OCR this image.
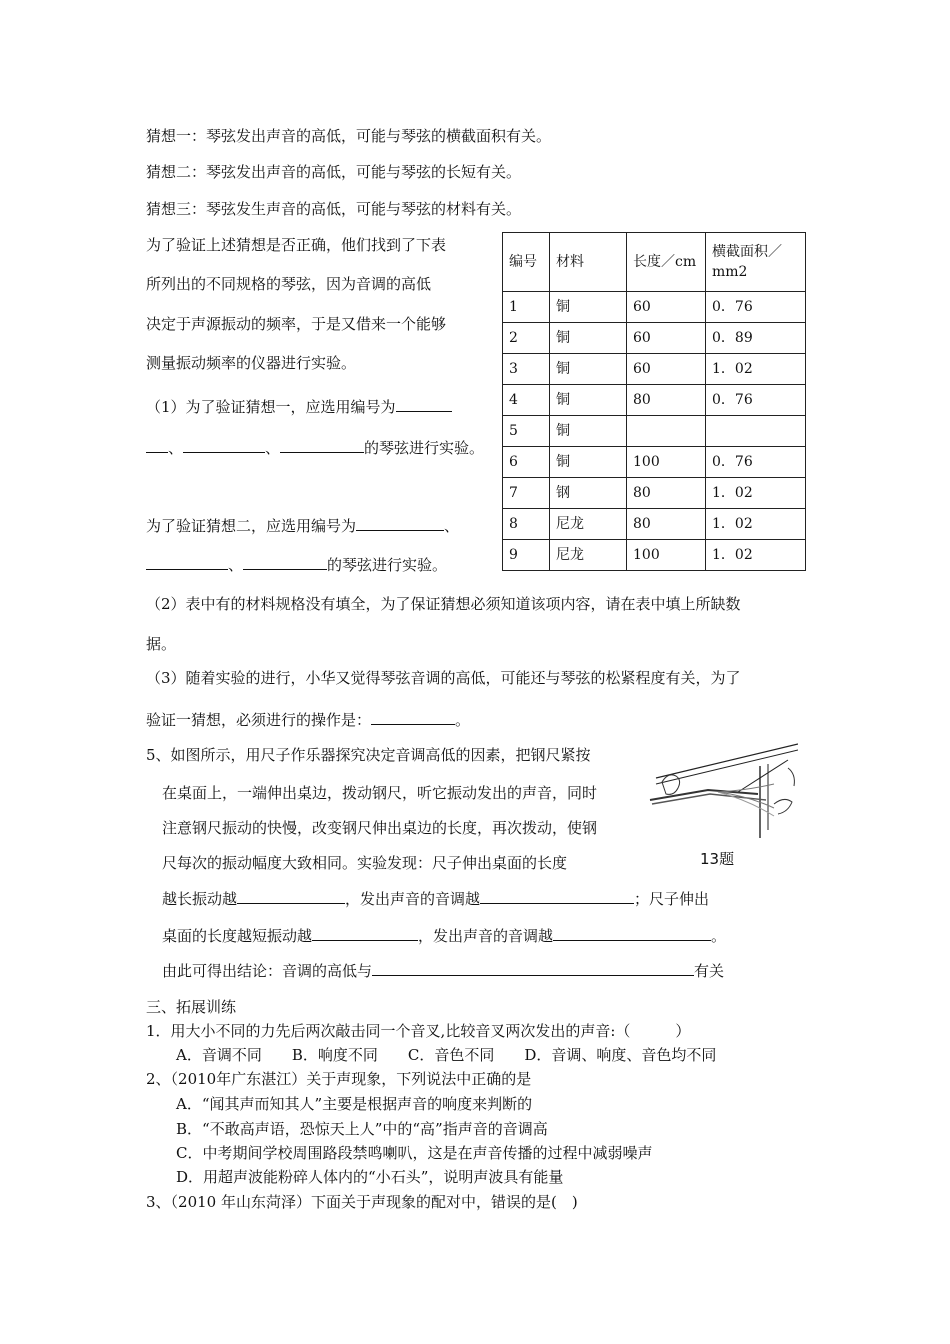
猜想一：琴弦发出声音的高低，可能与琴弦的横截面积有关。
猜想二：琴弦发出声音的高低，可能与琴弦的长短有关。
猜想三：琴弦发生声音的高低，可能与琴弦的材料有关。
为了验证上述猜想是否正确，他们找到了下表
所列出的不同规格的琴弦，因为音调的高低
决定于声源振动的频率，于是又借来一个能够
测量振动频率的仪器进行实验。
（1）为了验证猜想一，应选用编号为
、	、	的琴弦进行实验。
为了验证猜想二，应选用编号为	、
、	的琴弦进行实验。
编号	材料	长度／cm	横截面积／mm2
1	铜	60	0．76
2	铜	60	0．89
3	铜	60	1．02
4	铜	80	0．76
5	铜		
6	铜	100	0．76
7	钢	80	1．02
8	尼龙	80	1．02
9	尼龙	100	1．02
（2）表中有的材料规格没有填全，为了保证猜想必须知道该项内容，请在表中填上所缺数
据。
（3）随着实验的进行，小华又觉得琴弦音调的高低，可能还与琴弦的松紧程度有关，为了
验证一猜想，必须进行的操作是：	。
5、如图所示，用尺子作乐器探究决定音调高低的因素，把钢尺紧按
在桌面上，一端伸出桌边，拨动钢尺，听它振动发出的声音，同时
注意钢尺振动的快慢，改变钢尺伸出桌边的长度，再次拨动，使钢
尺每次的振动幅度大致相同。实验发现：尺子伸出桌面的长度
越长振动越	，发出声音的音调越	；尺子伸出
桌面的长度越短振动越	，发出声音的音调越	。
由此可得出结论：音调的高低与	有关
13题
三、拓展训练
1．用大小不同的力先后两次敲击同一个音叉,比较音叉两次发出的声音:（　　　）
A．音调不同　　B．响度不同　　C．音色不同　　D．音调、响度、音色均不同
2、（2010年广东湛江）关于声现象，下列说法中正确的是
A．“闻其声而知其人”主要是根据声音的响度来判断的
B．“不敢高声语，恐惊天上人”中的“高”指声音的音调高
C．中考期间学校周围路段禁鸣喇叭，这是在声音传播的过程中减弱噪声
D．用超声波能粉碎人体内的“小石头”，说明声波具有能量
3、（2010 年山东菏泽）下面关于声现象的配对中，错误的是(　)
